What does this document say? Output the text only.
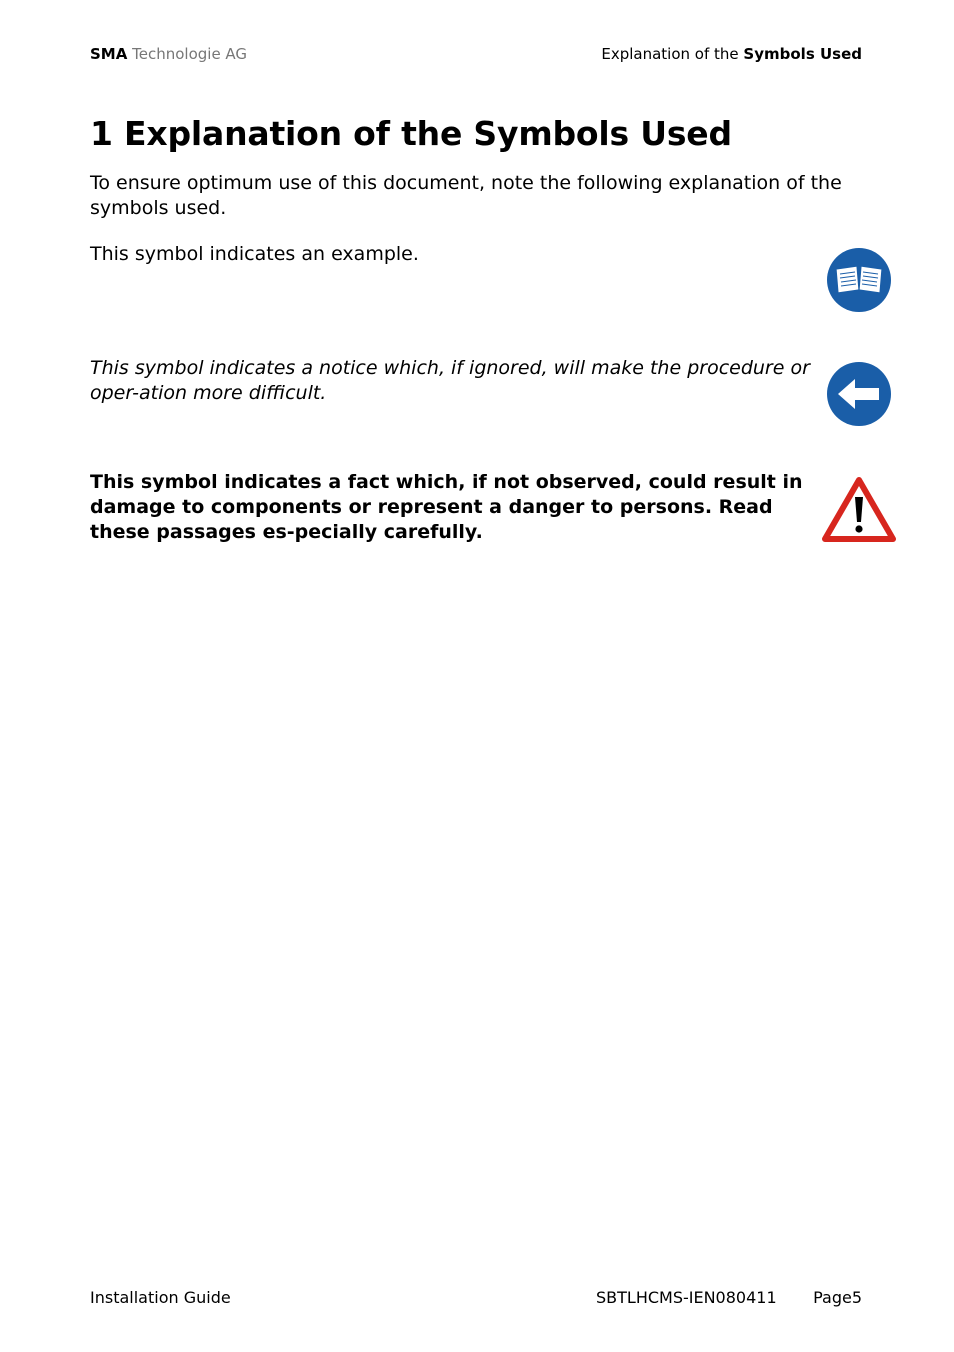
SMA Technologie AG	Explanation of the Symbols Used
1 Explanation of the Symbols Used

To ensure optimum use of this document, note the following explanation of the symbols used.

This symbol indicates an example.

This symbol indicates a notice which, if ignored, will make the procedure or oper-ation more difficult.

This symbol indicates a fact which, if not observed, could result in damage to components or represent a danger to persons. Read these passages es-pecially carefully.

Installation Guide	SBTLHCMS-IEN080411 Page5
